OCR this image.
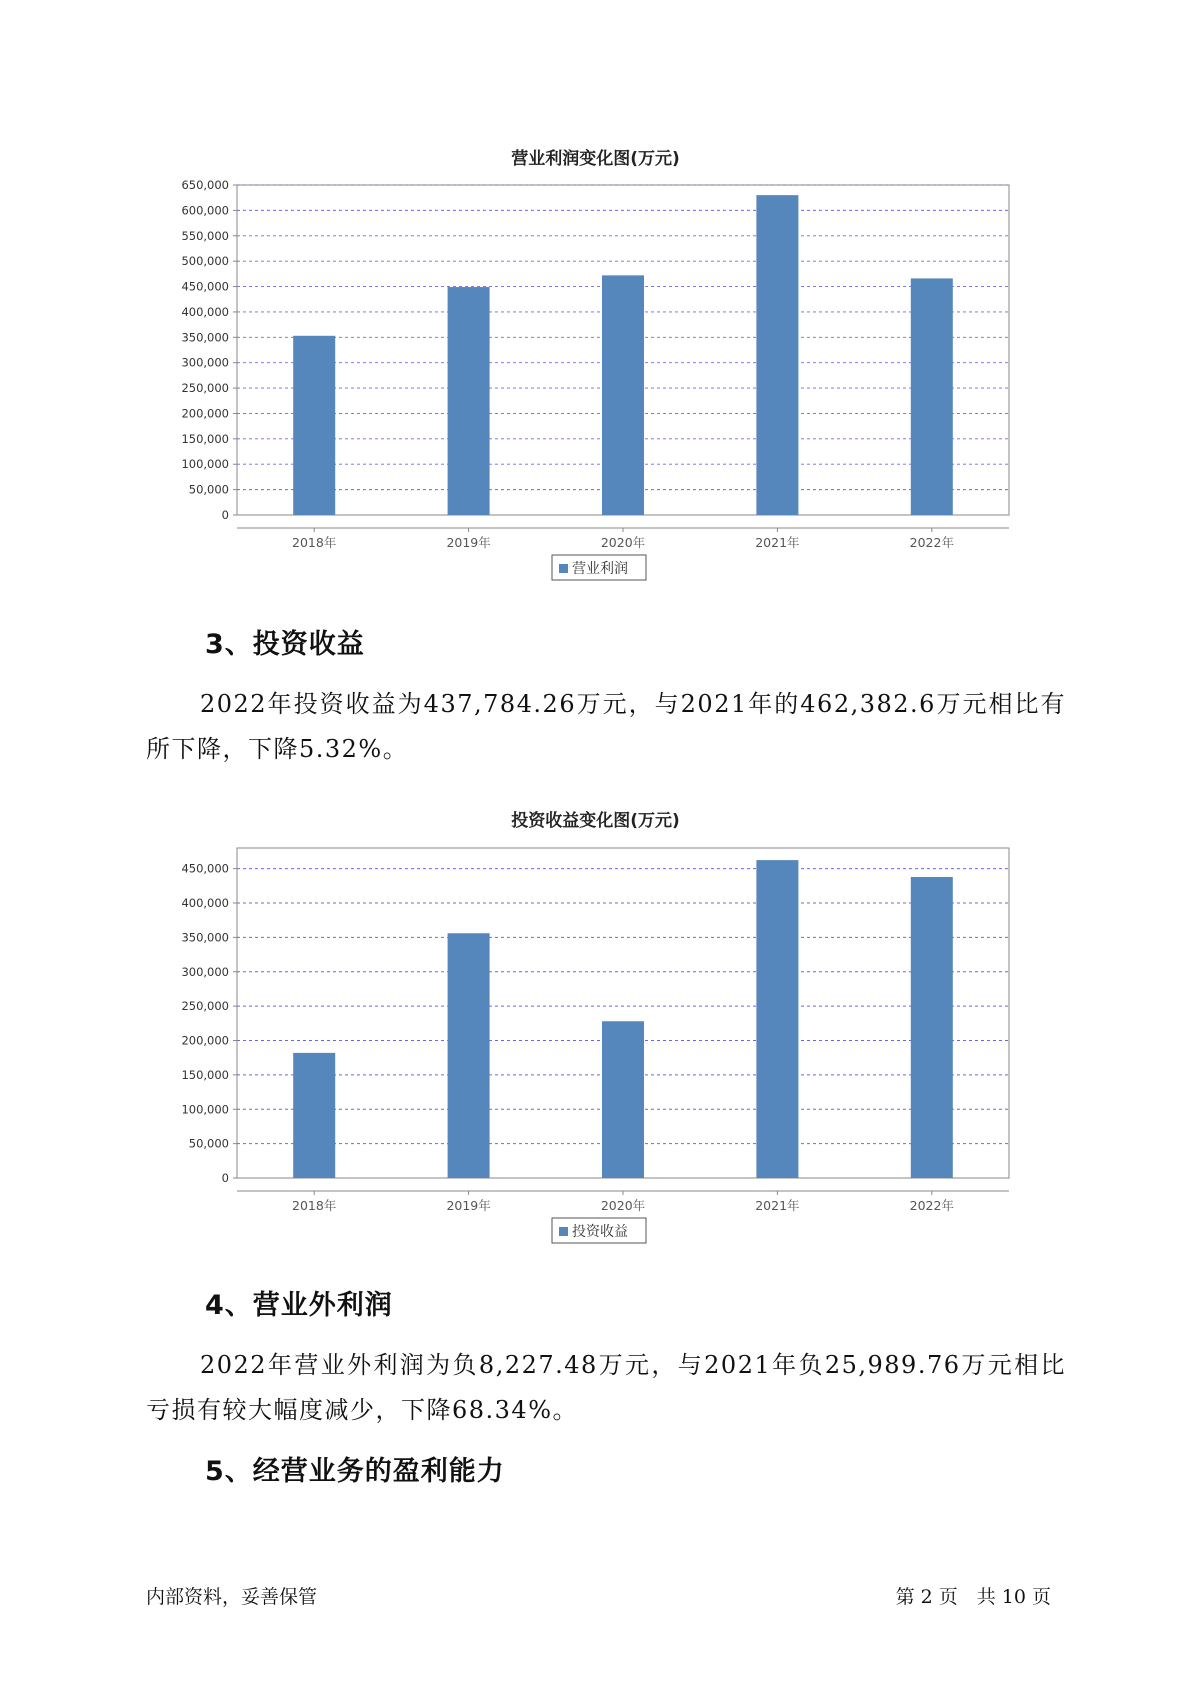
营业利润变化图(万元)
0
50,000
100,000
150,000
200,000
250,000
300,000
350,000
400,000
450,000
500,000
550,000
600,000
650,000
2018年	2019年	2020年	2021年	2022年
营业利润
3、投资收益
2022年投资收益为437,784.26万元，与2021年的462,382.6万元相比有所下降，下降5.32%。
投资收益变化图(万元)
0
50,000
100,000
150,000
200,000
250,000
300,000
350,000
400,000
450,000
2018年	2019年	2020年	2021年	2022年
投资收益
4、营业外利润
2022年营业外利润为负8,227.48万元，与2021年负25,989.76万元相比亏损有较大幅度减少，下降68.34%。
5、经营业务的盈利能力
内部资料，妥善保管	第 2 页　共 10 页
